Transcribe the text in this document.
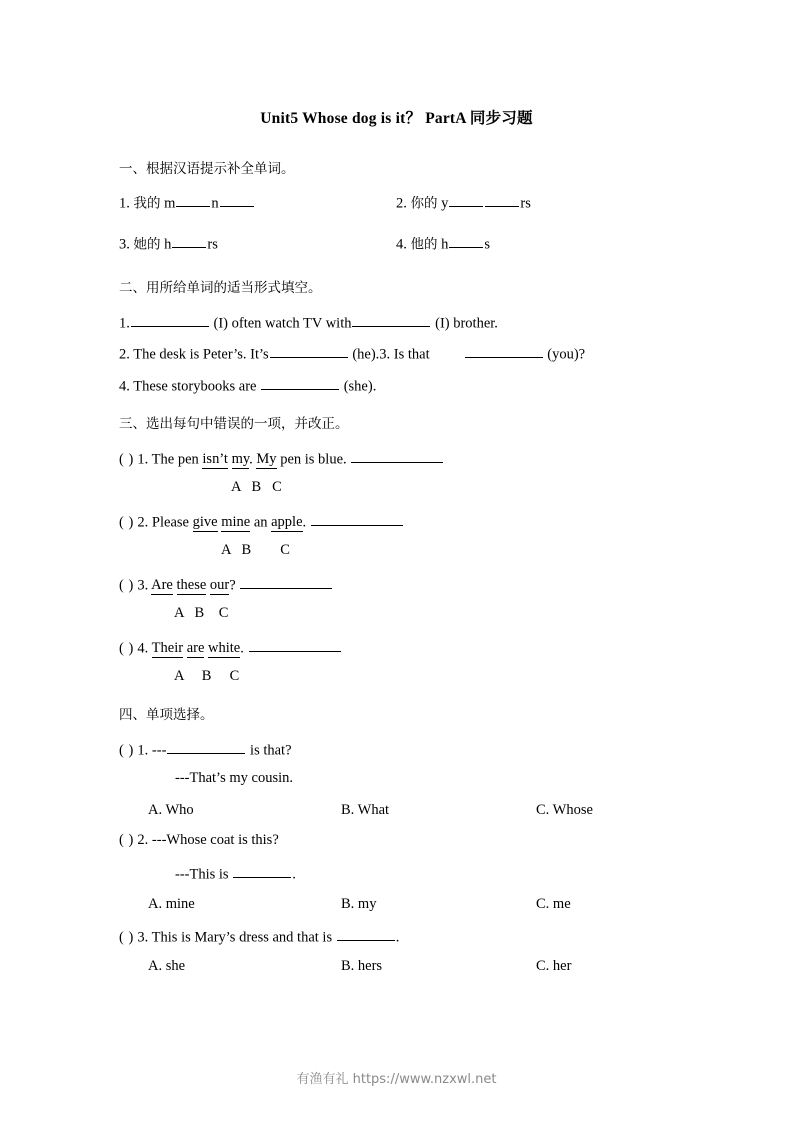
Unit5 Whose dog is it？ PartA 同步习题
一、根据汉语提示补全单词。
1. 我的 m n	2. 你的 y	rs
3. 她的 h rs	4. 他的 h s
二、用所给单词的适当形式填空。
1.	(I) often watch TV with	(I) brother.
2. The desk is Peter’s. It’s	(he).3. Is that	(you)?
4. These storybooks are	(she).
三、选出每句中错误的一项，并改正。
( ) 1. The pen isn’t my. My pen is blue.
A   B   C
( ) 2. Please give mine an apple.
A   B        C
( ) 3. Are these our?
A   B    C
( ) 4. Their are white.
A     B     C
四、单项选择。
( ) 1. ---	is that?
---That’s my cousin.
A. Who	B. What	C. Whose
( ) 2. ---Whose coat is this?
---This is	.
A. mine	B. my	C. me
( ) 3. This is Mary’s dress and that is	.
A. she	B. hers	C. her
有渔有礼 https://www.nzxwl.net
